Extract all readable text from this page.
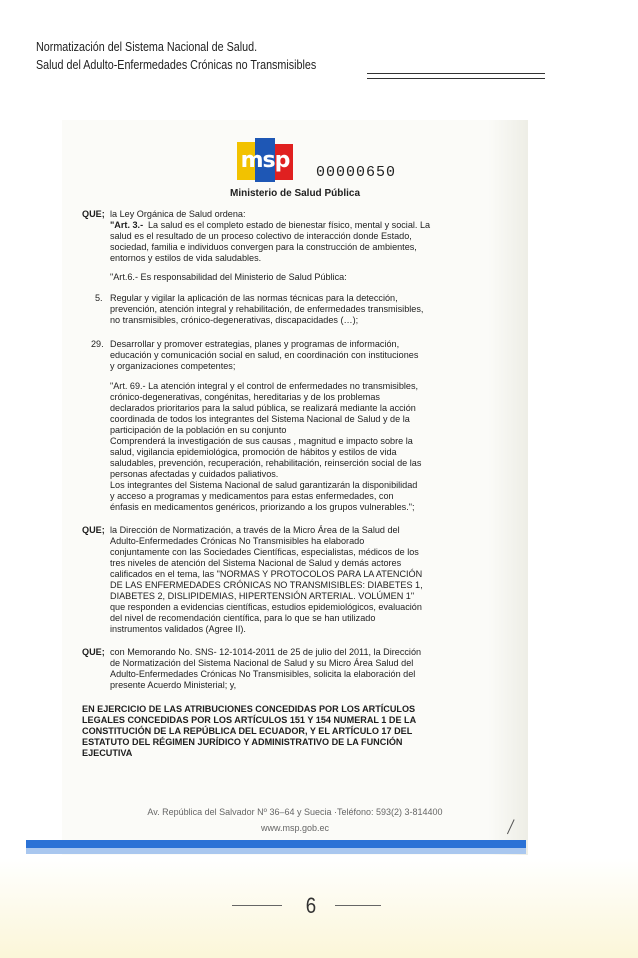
Normatización del Sistema Nacional de Salud.
Salud del Adulto-Enfermedades Crónicas no Transmisibles
msp 00000650
Ministerio de Salud Pública
QUE; la Ley Orgánica de Salud ordena:
"Art. 3.- La salud es el completo estado de bienestar físico, mental y social. La
salud es el resultado de un proceso colectivo de interacción donde Estado,
sociedad, familia e individuos convergen para la construcción de ambientes,
entornos y estilos de vida saludables.
"Art.6.- Es responsabilidad del Ministerio de Salud Pública:
5. Regular y vigilar la aplicación de las normas técnicas para la detección,
prevención, atención integral y rehabilitación, de enfermedades transmisibles,
no transmisibles, crónico-degenerativas, discapacidades (…);
29. Desarrollar y promover estrategias, planes y programas de información,
educación y comunicación social en salud, en coordinación con instituciones
y organizaciones competentes;
"Art. 69.- La atención integral y el control de enfermedades no transmisibles,
crónico-degenerativas, congénitas, hereditarias y de los problemas
declarados prioritarios para la salud pública, se realizará mediante la acción
coordinada de todos los integrantes del Sistema Nacional de Salud y de la
participación de la población en su conjunto
Comprenderá la investigación de sus causas , magnitud e impacto sobre la
salud, vigilancia epidemiológica, promoción de hábitos y estilos de vida
saludables, prevención, recuperación, rehabilitación, reinserción social de las
personas afectadas y cuidados paliativos.
Los integrantes del Sistema Nacional de salud garantizarán la disponibilidad
y acceso a programas y medicamentos para estas enfermedades, con
énfasis en medicamentos genéricos, priorizando a los grupos vulnerables.";
QUE; la Dirección de Normatización, a través de la Micro Área de la Salud del
Adulto-Enfermedades Crónicas No Transmisibles ha elaborado
conjuntamente con las Sociedades Científicas, especialistas, médicos de los
tres niveles de atención del Sistema Nacional de Salud y demás actores
calificados en el tema, las "NORMAS Y PROTOCOLOS PARA LA ATENCIÓN
DE LAS ENFERMEDADES CRÓNICAS NO TRANSMISIBLES: DIABETES 1,
DIABETES 2, DISLIPIDEMIAS, HIPERTENSIÓN ARTERIAL. VOLÚMEN 1"
que responden a evidencias científicas, estudios epidemiológicos, evaluación
del nivel de recomendación científica, para lo que se han utilizado
instrumentos validados (Agree II).
QUE; con Memorando No. SNS- 12-1014-2011 de 25 de julio del 2011, la Dirección
de Normatización del Sistema Nacional de Salud y su Micro Área Salud del
Adulto-Enfermedades Crónicas No Transmisibles, solicita la elaboración del
presente Acuerdo Ministerial; y,
EN EJERCICIO DE LAS ATRIBUCIONES CONCEDIDAS POR LOS ARTÍCULOS
LEGALES CONCEDIDAS POR LOS ARTÍCULOS 151 Y 154 NUMERAL 1 DE LA
CONSTITUCIÓN DE LA REPÚBLICA DEL ECUADOR, Y EL ARTÍCULO 17 DEL
ESTATUTO DEL RÉGIMEN JURÍDICO Y ADMINISTRATIVO DE LA FUNCIÓN
EJECUTIVA
Av. República del Salvador Nº 36–64 y Suecia ·Teléfono: 593(2) 3-814400
www.msp.gob.ec
6
